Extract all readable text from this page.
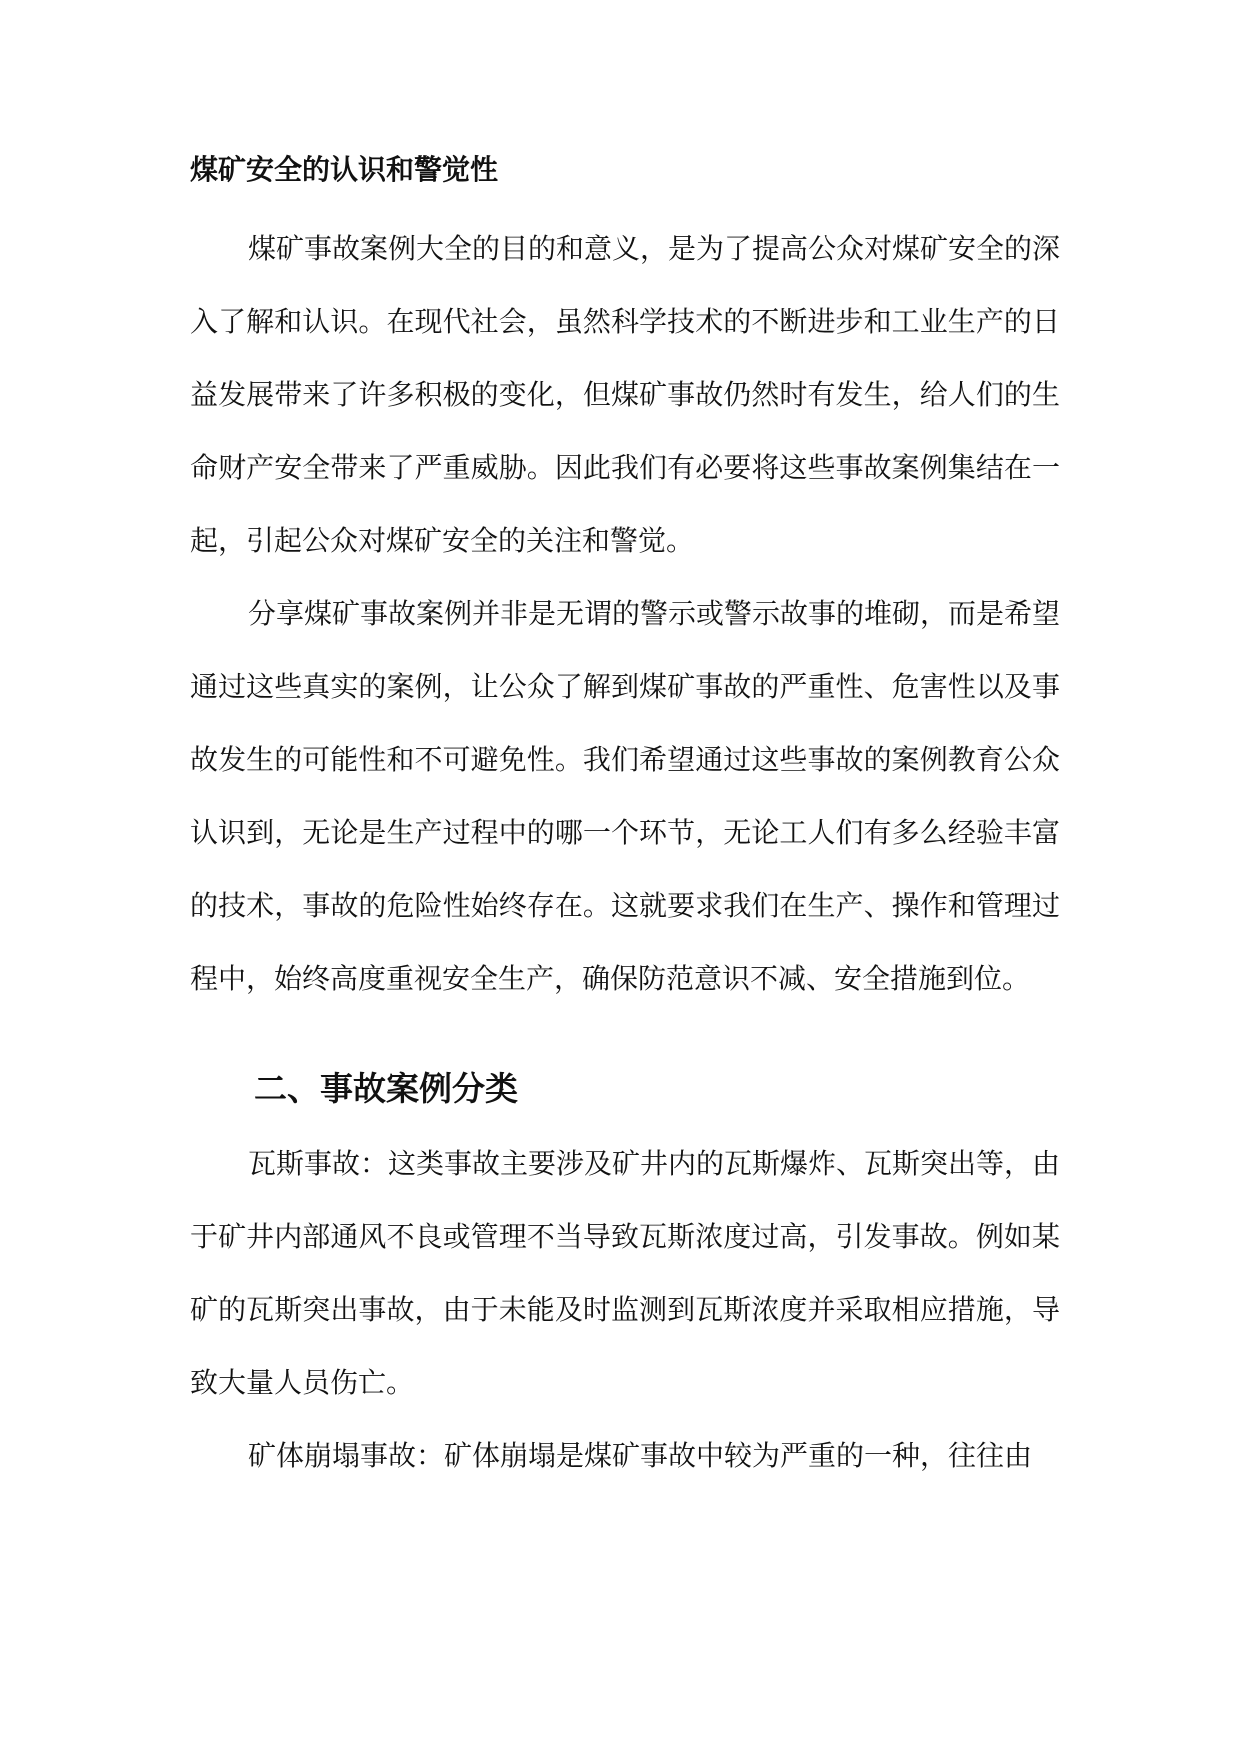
煤矿安全的认识和警觉性

煤矿事故案例大全的目的和意义，是为了提高公众对煤矿安全的深入了解和认识。在现代社会，虽然科学技术的不断进步和工业生产的日益发展带来了许多积极的变化，但煤矿事故仍然时有发生，给人们的生命财产安全带来了严重威胁。因此我们有必要将这些事故案例集结在一起，引起公众对煤矿安全的关注和警觉。

分享煤矿事故案例并非是无谓的警示或警示故事的堆砌，而是希望通过这些真实的案例，让公众了解到煤矿事故的严重性、危害性以及事故发生的可能性和不可避免性。我们希望通过这些事故的案例教育公众认识到，无论是生产过程中的哪一个环节，无论工人们有多么经验丰富的技术，事故的危险性始终存在。这就要求我们在生产、操作和管理过程中，始终高度重视安全生产，确保防范意识不减、安全措施到位。

二、事故案例分类

瓦斯事故：这类事故主要涉及矿井内的瓦斯爆炸、瓦斯突出等，由于矿井内部通风不良或管理不当导致瓦斯浓度过高，引发事故。例如某矿的瓦斯突出事故，由于未能及时监测到瓦斯浓度并采取相应措施，导致大量人员伤亡。

矿体崩塌事故：矿体崩塌是煤矿事故中较为严重的一种，往往由
